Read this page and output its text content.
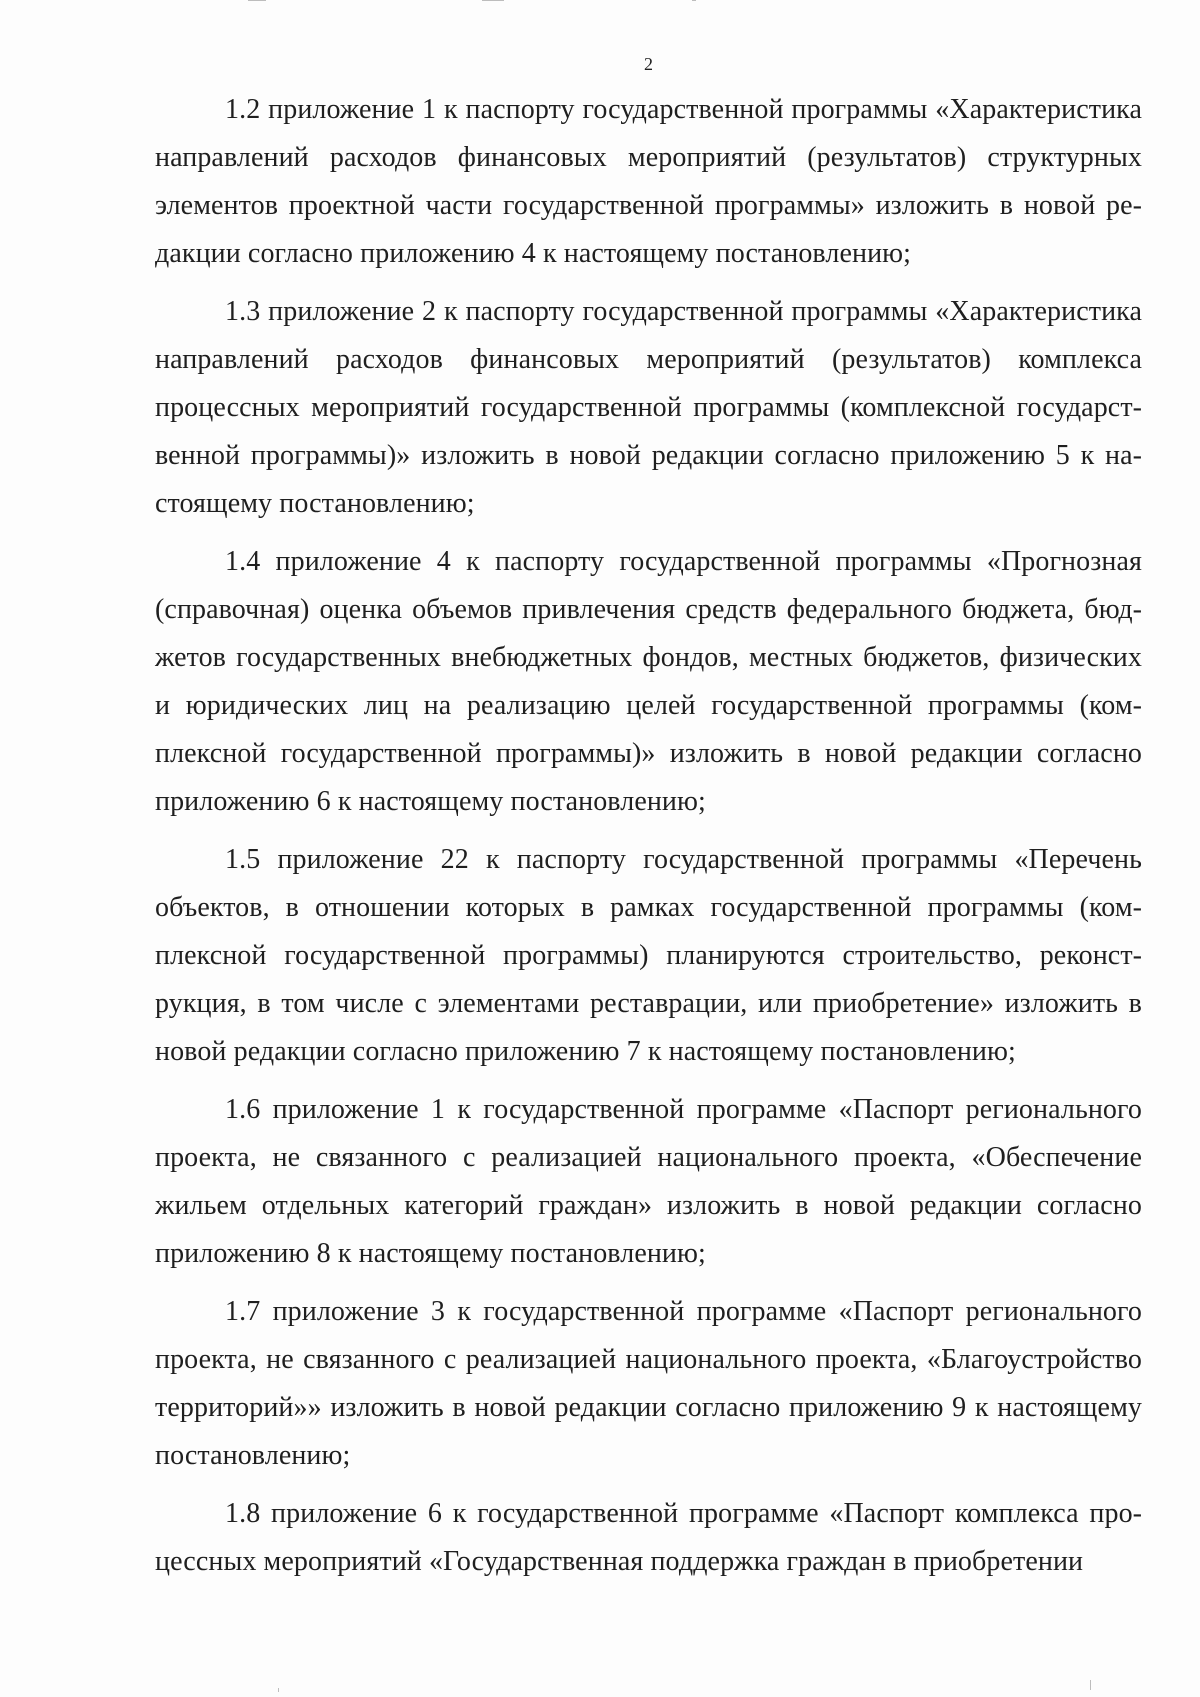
2

1.2 приложение 1 к паспорту государственной программы «Характеристика направлений расходов финансовых мероприятий (результатов) структурных элементов проектной части государственной программы» изложить в новой редакции согласно приложению 4 к настоящему постановлению;

1.3 приложение 2 к паспорту государственной программы «Характеристика направлений расходов финансовых мероприятий (результатов) комплекса процессных мероприятий государственной программы (комплексной государственной программы)» изложить в новой редакции согласно приложению 5 к настоящему постановлению;

1.4 приложение 4 к паспорту государственной программы «Прогнозная (справочная) оценка объемов привлечения средств федерального бюджета, бюджетов государственных внебюджетных фондов, местных бюджетов, физических и юридических лиц на реализацию целей государственной программы (комплексной государственной программы)» изложить в новой редакции согласно приложению 6 к настоящему постановлению;

1.5 приложение 22 к паспорту государственной программы «Перечень объектов, в отношении которых в рамках государственной программы (комплексной государственной программы) планируются строительство, реконструкция, в том числе с элементами реставрации, или приобретение» изложить в новой редакции согласно приложению 7 к настоящему постановлению;

1.6 приложение 1 к государственной программе «Паспорт регионального проекта, не связанного с реализацией национального проекта, «Обеспечение жильем отдельных категорий граждан» изложить в новой редакции согласно приложению 8 к настоящему постановлению;

1.7 приложение 3 к государственной программе «Паспорт регионального проекта, не связанного с реализацией национального проекта, «Благоустройство территорий»» изложить в новой редакции согласно приложению 9 к настоящему постановлению;

1.8 приложение 6 к государственной программе «Паспорт комплекса процессных мероприятий «Государственная поддержка граждан в приобретении
